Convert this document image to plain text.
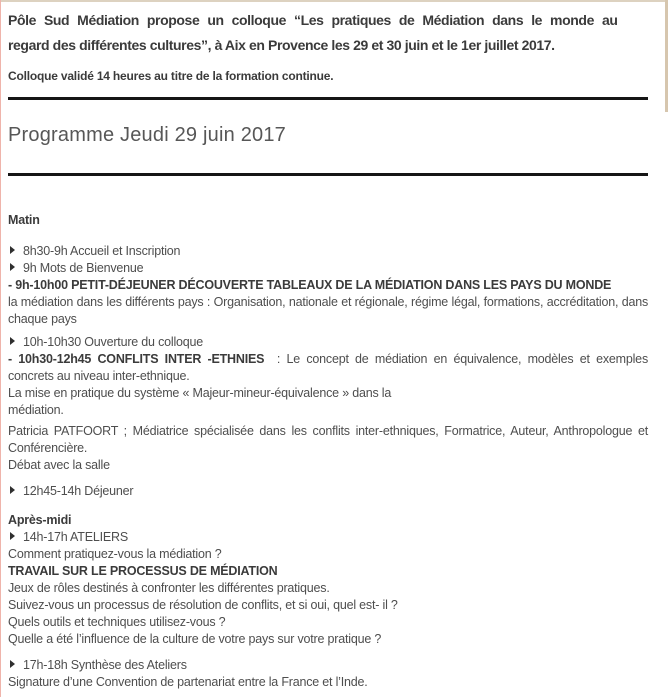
Pôle Sud Médiation propose un colloque “Les pratiques de Médiation dans le monde au
regard des différentes cultures”, à Aix en Provence les 29 et 30 juin et le 1er juillet 2017.

Colloque validé 14 heures au titre de la formation continue.

Programme Jeudi 29 juin 2017

Matin

8h30-9h Accueil et Inscription

9h Mots de Bienvenue

- 9h-10h00 PETIT-DÉJEUNER DÉCOUVERTE TABLEAUX DE LA MÉDIATION DANS LES PAYS DU MONDE

la médiation dans les différents pays : Organisation, nationale et régionale, régime légal, formations, accréditation, dans chaque pays

10h-10h30 Ouverture du colloque

- 10h30-12h45 CONFLITS INTER -ETHNIES  : Le concept de médiation en équivalence, modèles et exemples concrets au niveau inter-ethnique.

La mise en pratique du système « Majeur-mineur-équivalence » dans la

médiation.

Patricia PATFOORT ; Médiatrice spécialisée dans les conflits inter-ethniques, Formatrice, Auteur, Anthropologue et Conférencière.

Débat avec la salle

12h45-14h Déjeuner

Après-midi

14h-17h ATELIERS

Comment pratiquez-vous la médiation ?

TRAVAIL SUR LE PROCESSUS DE MÉDIATION

Jeux de rôles destinés à confronter les différentes pratiques.

Suivez-vous un processus de résolution de conflits, et si oui, quel est- il ?

Quels outils et techniques utilisez-vous ?

Quelle a été l’influence de la culture de votre pays sur votre pratique ?

17h-18h Synthèse des Ateliers

Signature d’une Convention de partenariat entre la France et l’Inde.
